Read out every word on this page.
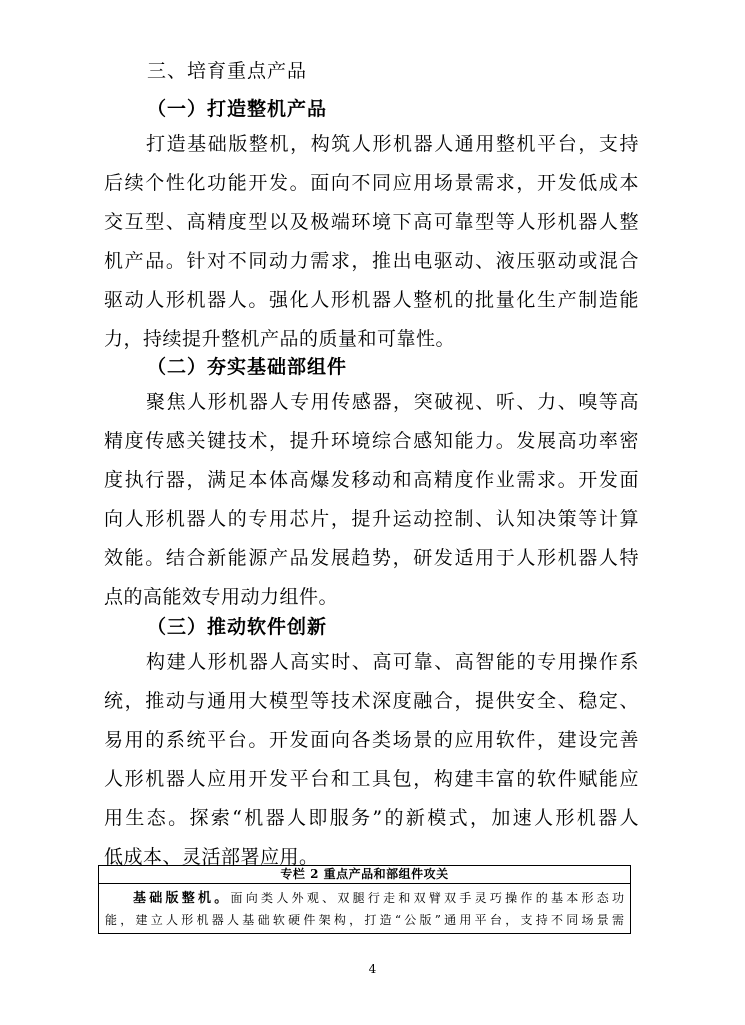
三、培育重点产品
（一）打造整机产品
打造基础版整机，构筑人形机器人通用整机平台，支持
后续个性化功能开发。面向不同应用场景需求，开发低成本
交互型、高精度型以及极端环境下高可靠型等人形机器人整
机产品。针对不同动力需求，推出电驱动、液压驱动或混合
驱动人形机器人。强化人形机器人整机的批量化生产制造能
力，持续提升整机产品的质量和可靠性。
（二）夯实基础部组件
聚焦人形机器人专用传感器，突破视、听、力、嗅等高
精度传感关键技术，提升环境综合感知能力。发展高功率密
度执行器，满足本体高爆发移动和高精度作业需求。开发面
向人形机器人的专用芯片，提升运动控制、认知决策等计算
效能。结合新能源产品发展趋势，研发适用于人形机器人特
点的高能效专用动力组件。
（三）推动软件创新
构建人形机器人高实时、高可靠、高智能的专用操作系
统，推动与通用大模型等技术深度融合，提供安全、稳定、
易用的系统平台。开发面向各类场景的应用软件，建设完善
人形机器人应用开发平台和工具包，构建丰富的软件赋能应
用生态。探索“机器人即服务”的新模式，加速人形机器人
低成本、灵活部署应用。
专栏 2 重点产品和部组件攻关
基础版整机。面向类人外观、双腿行走和双臂双手灵巧操作的基本形态功
能，建立人形机器人基础软硬件架构，打造“公版”通用平台，支持不同场景需
4
